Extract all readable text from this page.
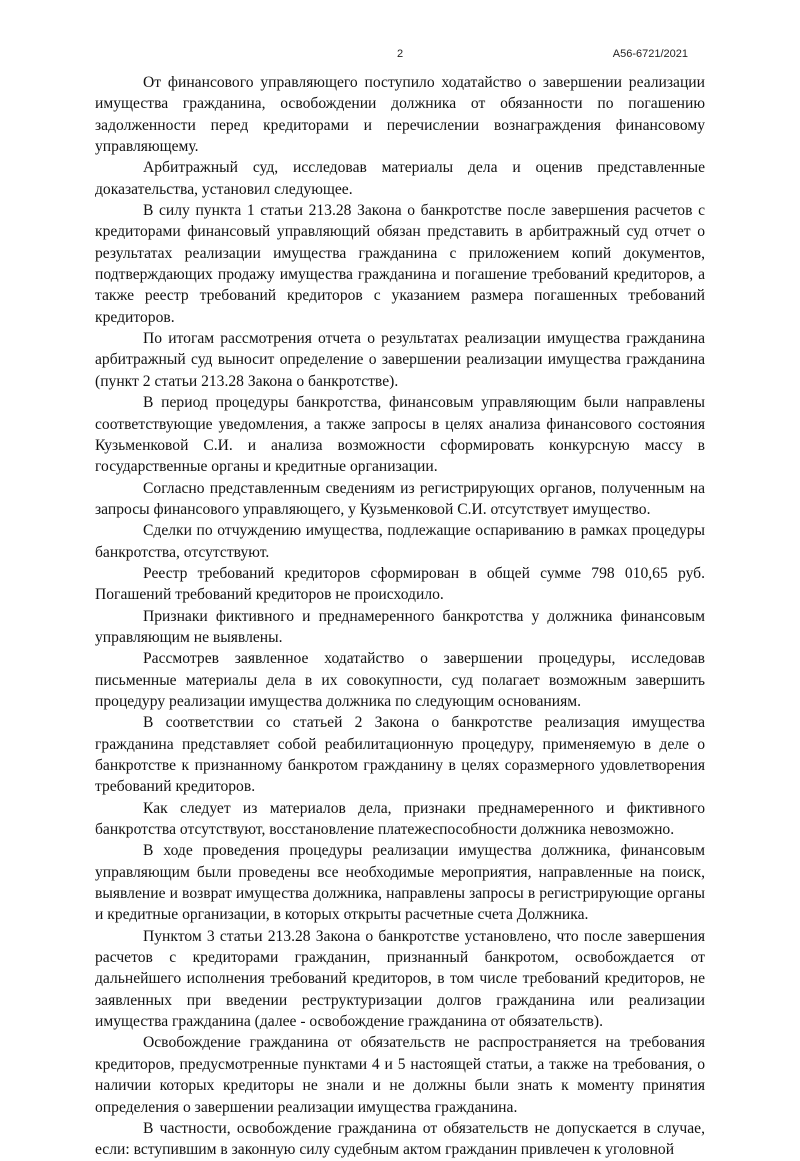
2	А56-6721/2021

От финансового управляющего поступило ходатайство о завершении реализации имущества гражданина, освобождении должника от обязанности по погашению задолженности перед кредиторами и перечислении вознаграждения финансовому управляющему.

Арбитражный суд, исследовав материалы дела и оценив представленные доказательства, установил следующее.

В силу пункта 1 статьи 213.28 Закона о банкротстве после завершения расчетов с кредиторами финансовый управляющий обязан представить в арбитражный суд отчет о результатах реализации имущества гражданина с приложением копий документов, подтверждающих продажу имущества гражданина и погашение требований кредиторов, а также реестр требований кредиторов с указанием размера погашенных требований кредиторов.

По итогам рассмотрения отчета о результатах реализации имущества гражданина арбитражный суд выносит определение о завершении реализации имущества гражданина (пункт 2 статьи 213.28 Закона о банкротстве).

В период процедуры банкротства, финансовым управляющим были направлены соответствующие уведомления, а также запросы в целях анализа финансового состояния Кузьменковой С.И. и анализа возможности сформировать конкурсную массу в государственные органы и кредитные организации.

Согласно представленным сведениям из регистрирующих органов, полученным на запросы финансового управляющего, у Кузьменковой С.И. отсутствует имущество.

Сделки по отчуждению имущества, подлежащие оспариванию в рамках процедуры банкротства, отсутствуют.

Реестр требований кредиторов сформирован в общей сумме 798 010,65 руб. Погашений требований кредиторов не происходило.

Признаки фиктивного и преднамеренного банкротства у должника финансовым управляющим не выявлены.

Рассмотрев заявленное ходатайство о завершении процедуры, исследовав письменные материалы дела в их совокупности, суд полагает возможным завершить процедуру реализации имущества должника по следующим основаниям.

В соответствии со статьей 2 Закона о банкротстве реализация имущества гражданина представляет собой реабилитационную процедуру, применяемую в деле о банкротстве к признанному банкротом гражданину в целях соразмерного удовлетворения требований кредиторов.

Как следует из материалов дела, признаки преднамеренного и фиктивного банкротства отсутствуют, восстановление платежеспособности должника невозможно.

В ходе проведения процедуры реализации имущества должника, финансовым управляющим были проведены все необходимые мероприятия, направленные на поиск, выявление и возврат имущества должника, направлены запросы в регистрирующие органы и кредитные организации, в которых открыты расчетные счета Должника.

Пунктом 3 статьи 213.28 Закона о банкротстве установлено, что после завершения расчетов с кредиторами гражданин, признанный банкротом, освобождается от дальнейшего исполнения требований кредиторов, в том числе требований кредиторов, не заявленных при введении реструктуризации долгов гражданина или реализации имущества гражданина (далее - освобождение гражданина от обязательств).

Освобождение гражданина от обязательств не распространяется на требования кредиторов, предусмотренные пунктами 4 и 5 настоящей статьи, а также на требования, о наличии которых кредиторы не знали и не должны были знать к моменту принятия определения о завершении реализации имущества гражданина.

В частности, освобождение гражданина от обязательств не допускается в случае, если: вступившим в законную силу судебным актом гражданин привлечен к уголовной
